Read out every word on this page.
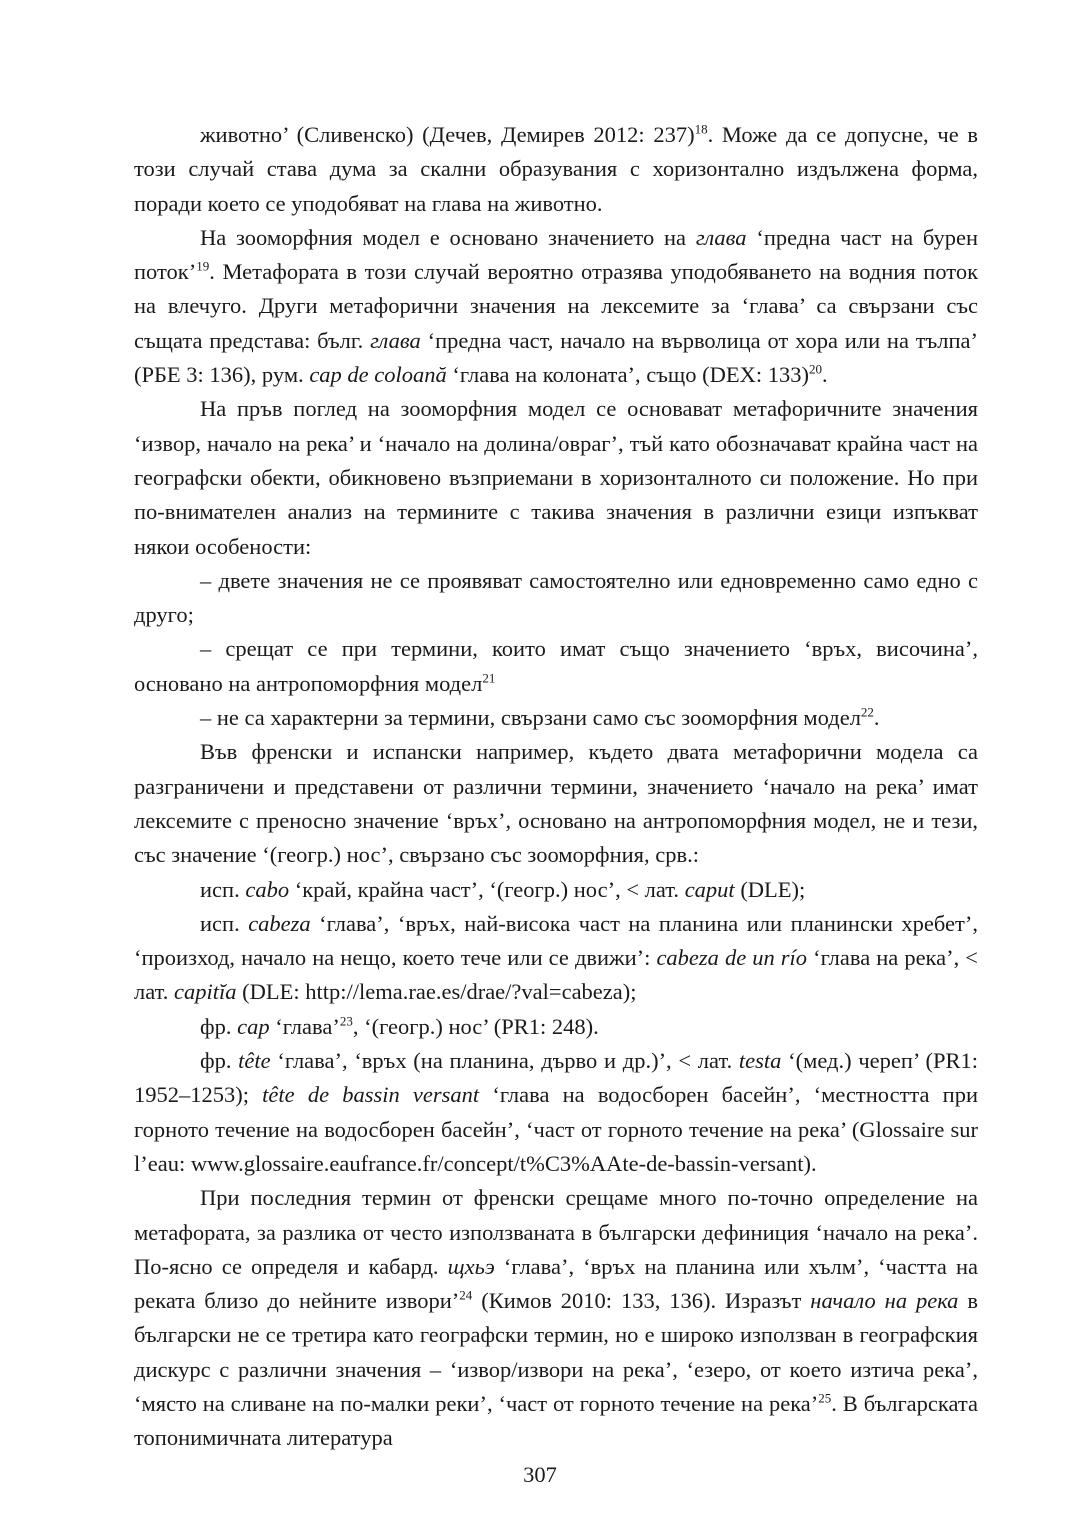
животно’ (Сливенско) (Дечев, Демирев 2012: 237)$^{18}$. Може да се допусне, че в този случай става дума за скални образувания с хоризонтално издължена форма, поради което се уподобяват на глава на животно.

На зооморфния модел е основано значението на глава ‘предна част на бурен поток’$^{19}$. Метафората в този случай вероятно отразява уподобяването на водния поток на влечуго. Други метафорични значения на лексемите за ‘глава’ са свързани със същата представа: бълг. глава ‘предна част, начало на върволица от хора или на тълпа’ (РБЕ 3: 136), рум. cap de coloană ‘глава на колоната’, също (DEX: 133)$^{20}$.

На пръв поглед на зооморфния модел се основават метафоричните значения ‘извор, начало на река’ и ‘начало на долина/овраг’, тъй като обозначават крайна част на географски обекти, обикновено възприемани в хоризонталното си положение. Но при по-внимателен анализ на термините с такива значения в различни езици изпъкват някои особености:

– двете значения не се проявяват самостоятелно или едновременно само едно с друго;

– срещат се при термини, които имат също значението ‘връх, височина’, основано на антропоморфния модел$^{21}$

– не са характерни за термини, свързани само със зооморфния модел$^{22}$.

Във френски и испански например, където двата метафорични модела са разграничени и представени от различни термини, значението ‘начало на река’ имат лексемите с преносно значение ‘връх’, основано на антропоморфния модел, не и тези, със значение ‘(геогр.) нос’, свързано със зооморфния, срв.:

исп. cabo ‘край, крайна част’, ‘(геогр.) нос’, < лат. caput (DLE);

исп. cabeza ‘глава’, ‘връх, най-висока част на планина или планински хребет’, ‘произход, начало на нещо, което тече или се движи’: cabeza de un río ‘глава на река’, < лат. capitĭa (DLE: http://lema.rae.es/drae/?val=cabeza);

фр. cap ‘глава’$^{23}$, ‘(геогр.) нос’ (PR1: 248).

фр. tête ‘глава’, ‘връх (на планина, дърво и др.)’, < лат. testa ‘(мед.) череп’ (PR1: 1952–1253); tête de bassin versant ‘глава на водосборен басейн’, ‘местността при горното течение на водосборен басейн’, ‘част от горното течение на река’ (Glossaire sur l’eau: www.glossaire.eaufrance.fr/concept/t%C3%AAte-de-bassin-versant).

При последния термин от френски срещаме много по-точно определение на метафората, за разлика от често използваната в български дефиниция ‘начало на река’. По-ясно се определя и кабард. щхьэ ‘глава’, ‘връх на планина или хълм’, ‘частта на реката близо до нейните извори’$^{24}$ (Кимов 2010: 133, 136). Изразът начало на река в български не се третира като географски термин, но е широко използван в географския дискурс с различни значения – ‘извор/извори на река’, ‘езеро, от което изтича река’, ‘място на сливане на по-малки реки’, ‘част от горното течение на река’$^{25}$. В българската топонимичната литература

307
